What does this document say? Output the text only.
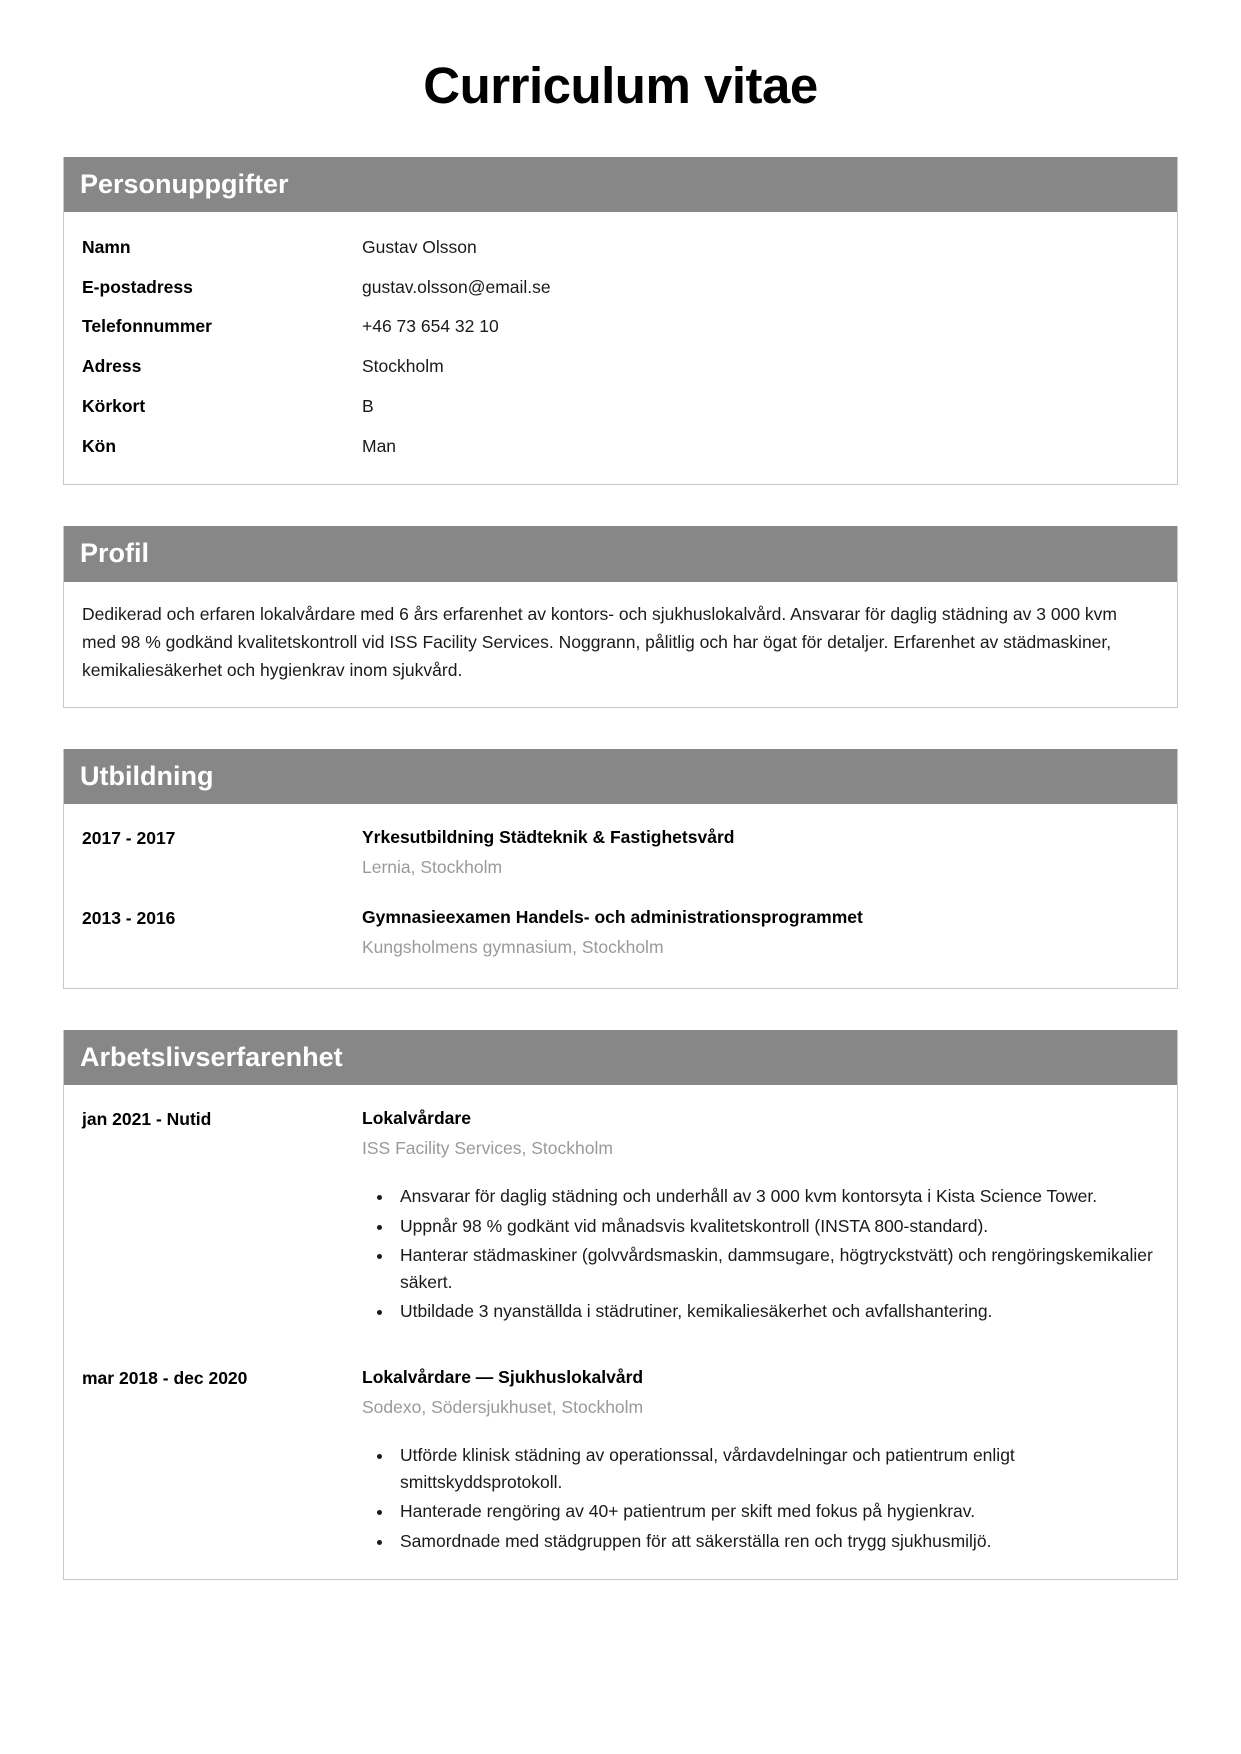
Curriculum vitae
Personuppgifter
Namn	Gustav Olsson
E-postadress	gustav.olsson@email.se
Telefonnummer	+46 73 654 32 10
Adress	Stockholm
Körkort	B
Kön	Man
Profil

Dedikerad och erfaren lokalvårdare med 6 års erfarenhet av kontors- och sjukhuslokalvård. Ansvarar för daglig städning av 3 000 kvm med 98 % godkänd kvalitetskontroll vid ISS Facility Services. Noggrann, pålitlig och har ögat för detaljer. Erfarenhet av städmaskiner, kemikaliesäkerhet och hygienkrav inom sjukvård.

Utbildning
2017 - 2017	Yrkesutbildning Städteknik & Fastighetsvård
Lernia, Stockholm
2013 - 2016	Gymnasieexamen Handels- och administrationsprogrammet
Kungsholmens gymnasium, Stockholm
Arbetslivserfarenhet
jan 2021 - Nutid	Lokalvårdare
ISS Facility Services, Stockholm
• Ansvarar för daglig städning och underhåll av 3 000 kvm kontorsyta i Kista Science Tower.
• Uppnår 98 % godkänt vid månadsvis kvalitetskontroll (INSTA 800-standard).
• Hanterar städmaskiner (golvvårdsmaskin, dammsugare, högtryckstvätt) och rengöringskemikalier säkert.
• Utbildade 3 nyanställda i städrutiner, kemikaliesäkerhet och avfallshantering.
mar 2018 - dec 2020	Lokalvårdare — Sjukhuslokalvård
Sodexo, Södersjukhuset, Stockholm
• Utförde klinisk städning av operationssal, vårdavdelningar och patientrum enligt smittskyddsprotokoll.
• Hanterade rengöring av 40+ patientrum per skift med fokus på hygienkrav.
• Samordnade med städgruppen för att säkerställa ren och trygg sjukhusmiljö.
